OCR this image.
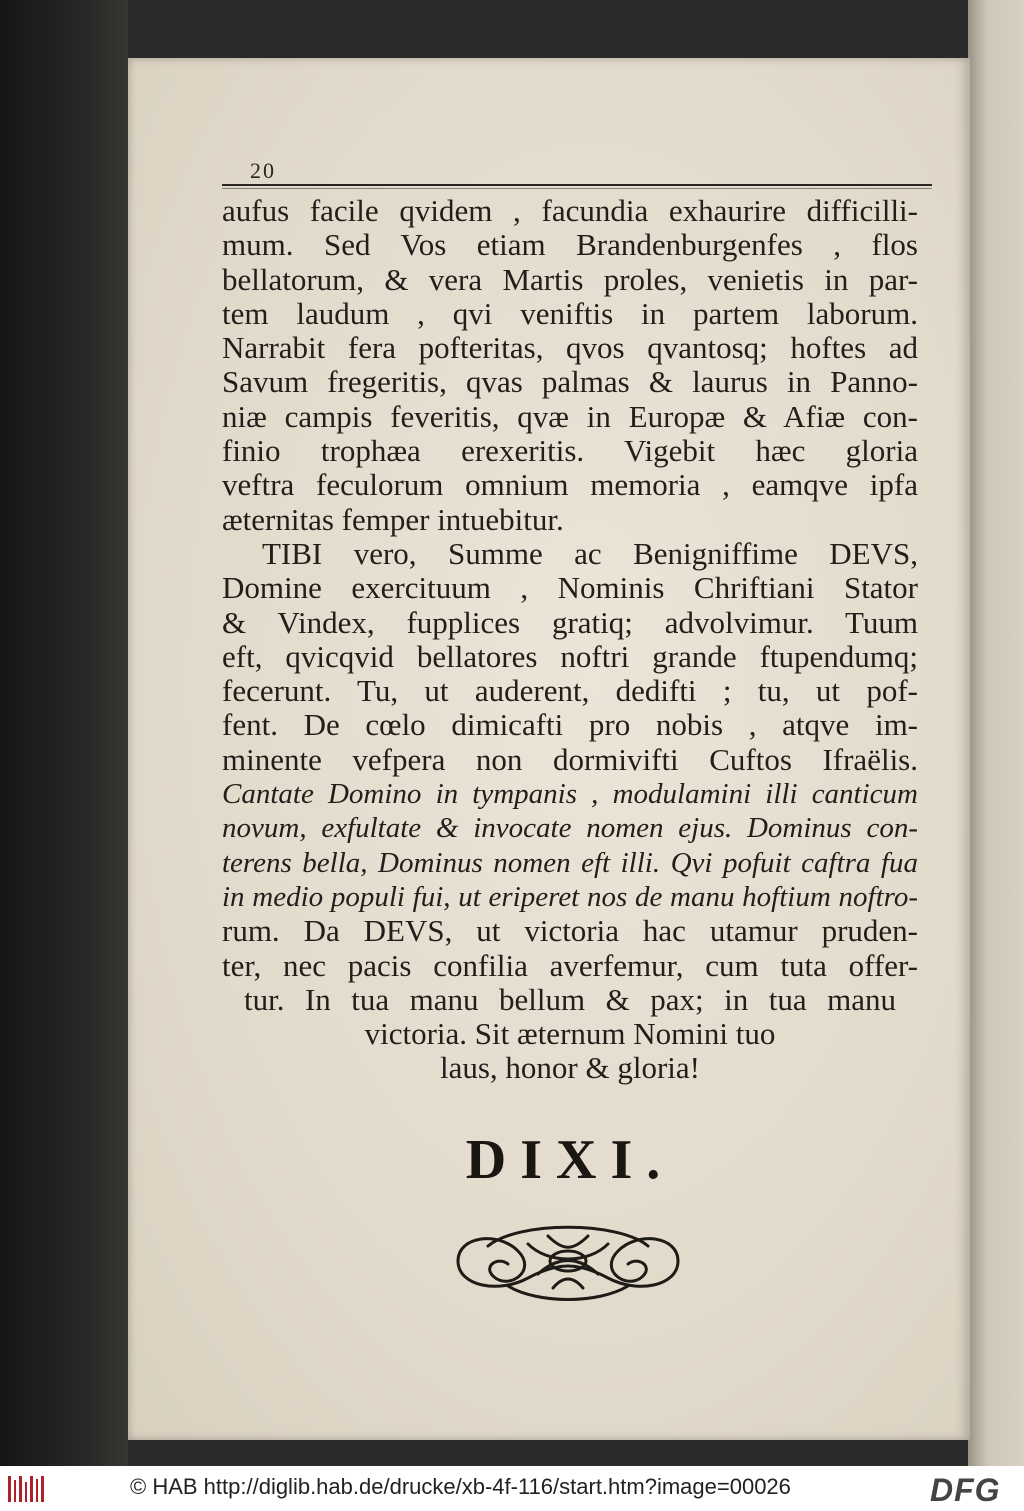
20
aufus facile qvidem , facundia exhaurire difficilli-
mum. Sed Vos etiam Brandenburgenfes , flos
bellatorum, & vera Martis proles, venietis in par-
tem laudum , qvi veniftis in partem laborum.
Narrabit fera pofteritas, qvos qvantosq; hoftes ad
Savum fregeritis, qvas palmas & laurus in Panno-
niæ campis feveritis, qvæ in Europæ & Afiæ con-
finio trophæa erexeritis. Vigebit hæc gloria
veftra feculorum omnium memoria , eamqve ipfa
æternitas femper intuebitur.
TIBI vero, Summe ac Benigniffime DEVS,
Domine exercituum , Nominis Chriftiani Stator
& Vindex, fupplices gratiq; advolvimur. Tuum
eft, qvicqvid bellatores noftri grande ftupendumq;
fecerunt. Tu, ut auderent, dedifti ; tu, ut pof-
fent. De cœlo dimicafti pro nobis , atqve im-
minente vefpera non dormivifti Cuftos Ifraëlis.
Cantate Domino in tympanis , modulamini illi canticum
novum, exfultate & invocate nomen ejus. Dominus con-
terens bella, Dominus nomen eft illi. Qvi pofuit caftra fua
in medio populi fui, ut eriperet nos de manu hoftium noftro-
rum. Da DEVS, ut victoria hac utamur pruden-
ter, nec pacis confilia averfemur, cum tuta offer-
tur. In tua manu bellum & pax; in tua manu
victoria. Sit æternum Nomini tuo
laus, honor & gloria!
DIXI.
© HAB http://diglib.hab.de/drucke/xb-4f-116/start.htm?image=00026	DFG
